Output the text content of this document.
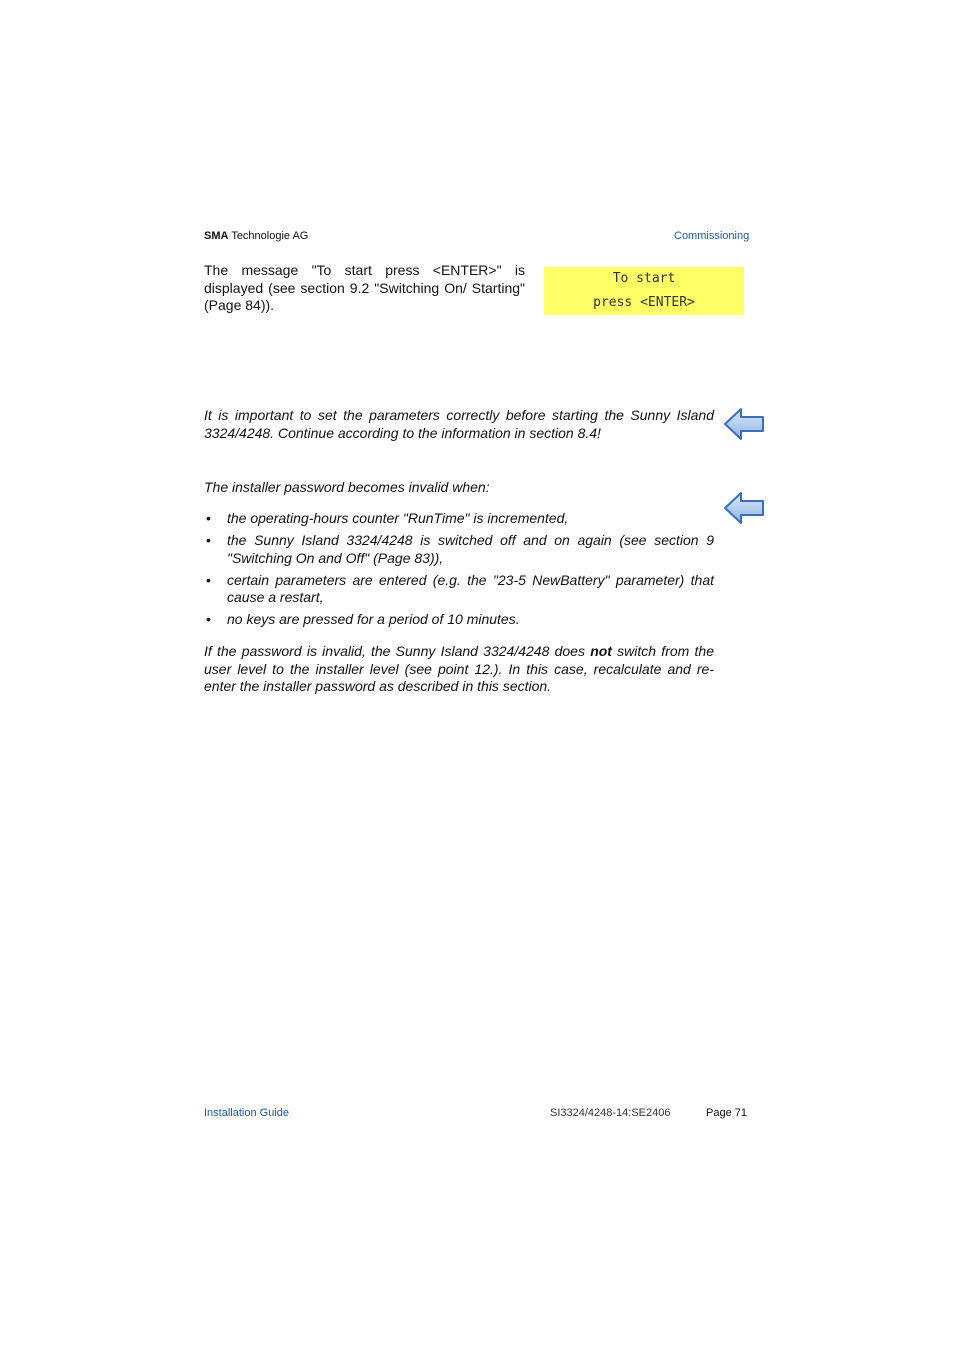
SMA Technologie AG	Commissioning
The message "To start press <ENTER>" is displayed (see section 9.2 "Switching On/ Starting" (Page 84)).
To start
press <ENTER>
It is important to set the parameters correctly before starting the Sunny Island 3324/4248. Continue according to the information in section 8.4!
The installer password becomes invalid when:
• the operating-hours counter "RunTime" is incremented,
• the Sunny Island 3324/4248 is switched off and on again (see section 9 "Switching On and Off" (Page 83)),
• certain parameters are entered (e.g. the "23-5 NewBattery" parameter) that cause a restart,
• no keys are pressed for a period of 10 minutes.
If the password is invalid, the Sunny Island 3324/4248 does not switch from the user level to the installer level (see point 12.). In this case, recalculate and re-enter the installer password as described in this section.
Installation Guide	SI3324/4248-14:SE2406	Page 71
